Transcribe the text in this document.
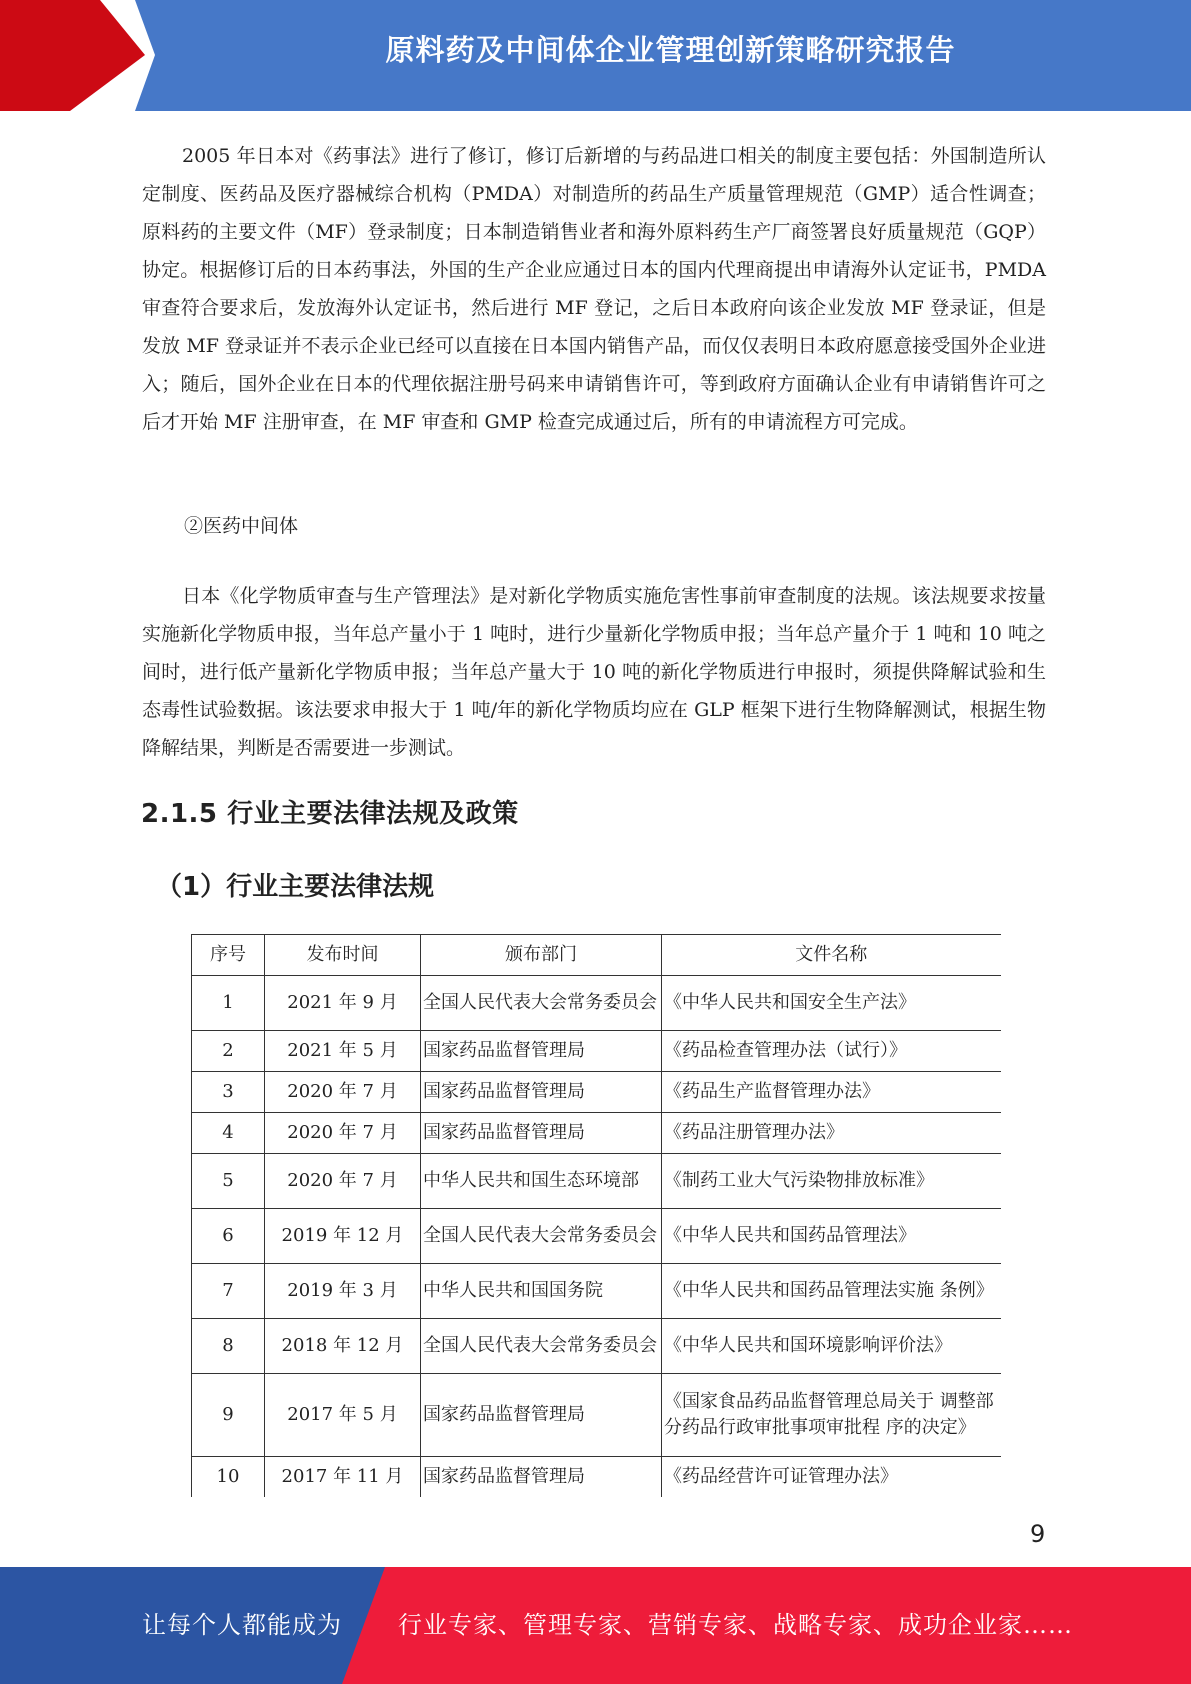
原料药及中间体企业管理创新策略研究报告

2005 年日本对《药事法》进行了修订，修订后新增的与药品进口相关的制度主要包括：外国制造所认定制度、医药品及医疗器械综合机构（PMDA）对制造所的药品生产质量管理规范（GMP）适合性调查；原料药的主要文件（MF）登录制度；日本制造销售业者和海外原料药生产厂商签署良好质量规范（GQP）协定。根据修订后的日本药事法，外国的生产企业应通过日本的国内代理商提出申请海外认定证书，PMDA 审查符合要求后，发放海外认定证书，然后进行 MF 登记，之后日本政府向该企业发放 MF 登录证，但是发放 MF 登录证并不表示企业已经可以直接在日本国内销售产品，而仅仅表明日本政府愿意接受国外企业进入；随后，国外企业在日本的代理依据注册号码来申请销售许可，等到政府方面确认企业有申请销售许可之后才开始 MF 注册审查，在 MF 审查和 GMP 检查完成通过后，所有的申请流程方可完成。

②医药中间体

日本《化学物质审查与生产管理法》是对新化学物质实施危害性事前审查制度的法规。该法规要求按量实施新化学物质申报，当年总产量小于 1 吨时，进行少量新化学物质申报；当年总产量介于 1 吨和 10 吨之间时，进行低产量新化学物质申报；当年总产量大于 10 吨的新化学物质进行申报时，须提供降解试验和生态毒性试验数据。该法要求申报大于 1 吨/年的新化学物质均应在 GLP 框架下进行生物降解测试，根据生物降解结果，判断是否需要进一步测试。

2.1.5 行业主要法律法规及政策
（1）行业主要法律法规
序号	发布时间	颁布部门	文件名称
1	2021 年 9 月	全国人民代表大会常务委员会	《中华人民共和国安全生产法》
2	2021 年 5 月	国家药品监督管理局	《药品检查管理办法（试行）》
3	2020 年 7 月	国家药品监督管理局	《药品生产监督管理办法》
4	2020 年 7 月	国家药品监督管理局	《药品注册管理办法》
5	2020 年 7 月	中华人民共和国生态环境部	《制药工业大气污染物排放标准》
6	2019 年 12 月	全国人民代表大会常务委员会	《中华人民共和国药品管理法》
7	2019 年 3 月	中华人民共和国国务院	《中华人民共和国药品管理法实施 条例》
8	2018 年 12 月	全国人民代表大会常务委员会	《中华人民共和国环境影响评价法》
9	2017 年 5 月	国家药品监督管理局	《国家食品药品监督管理总局关于 调整部分药品行政审批事项审批程 序的决定》
10	2017 年 11 月	国家药品监督管理局	《药品经营许可证管理办法》
9
让每个人都能成为 行业专家、管理专家、营销专家、战略专家、成功企业家……
